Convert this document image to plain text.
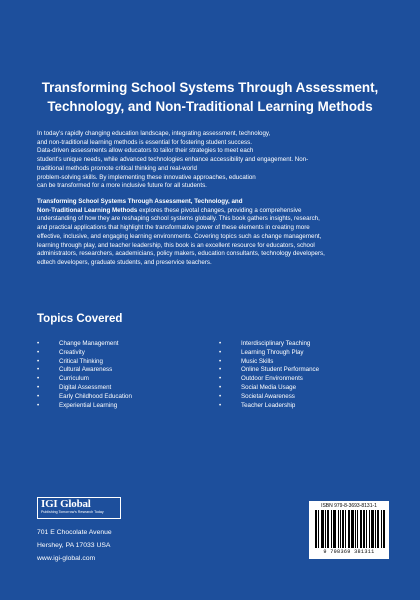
Transforming School Systems Through Assessment,
Technology, and Non-Traditional Learning Methods

In today's rapidly changing education landscape, integrating assessment, technology,
and non-traditional learning methods is essential for fostering student success.
Data-driven assessments allow educators to tailor their strategies to meet each
student's unique needs, while advanced technologies enhance accessibility and engagement. Non-
traditional methods promote critical thinking and real-world
problem-solving skills. By implementing these innovative approaches, education
can be transformed for a more inclusive future for all students.

Transforming School Systems Through Assessment, Technology, and
Non-Traditional Learning Methods explores these pivotal changes, providing a comprehensive
understanding of how they are reshaping school systems globally. This book gathers insights, research,
and practical applications that highlight the transformative power of these elements in creating more
effective, inclusive, and engaging learning environments. Covering topics such as change management,
learning through play, and teacher leadership, this book is an excellent resource for educators, school
administrators, researchers, academicians, policy makers, education consultants, technology developers,
edtech developers, graduate students, and preservice teachers.

Topics Covered
• Change Management
• Creativity
• Critical Thinking
• Cultural Awareness
• Curriculum
• Digital Assessment
• Early Childhood Education
• Experiential Learning
• Interdisciplinary Teaching
• Learning Through Play
• Music Skills
• Online Student Performance
• Outdoor Environments
• Social Media Usage
• Societal Awareness
• Teacher Leadership
IGI Global
Publishing Tomorrow's Research Today
701 E Chocolate Avenue
Hershey, PA 17033 USA
www.igi-global.com
ISBN 979-8-3693-8131-1
9 798369 381311
